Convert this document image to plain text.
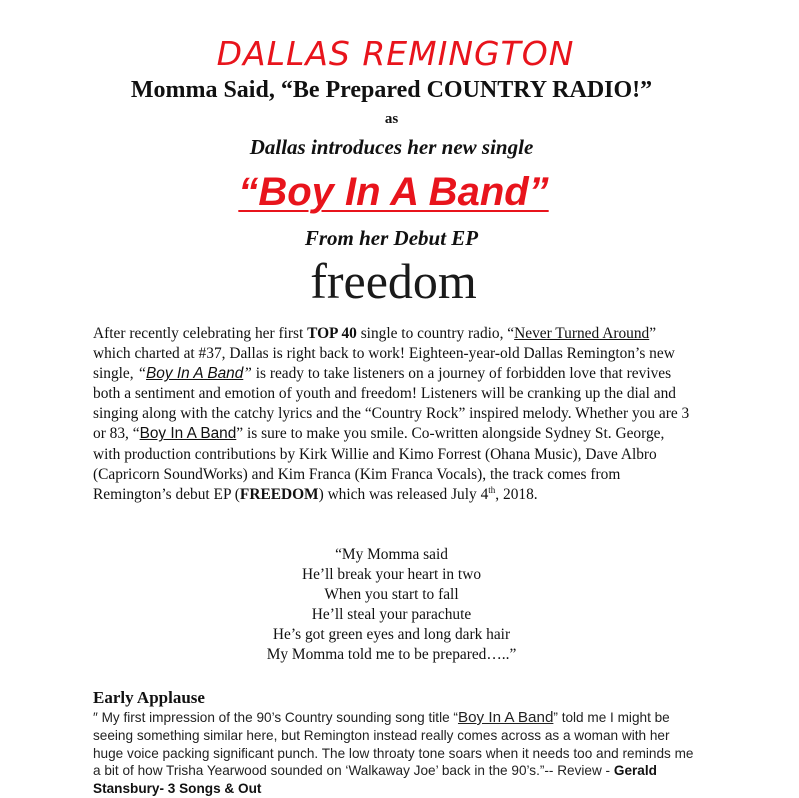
DALLAS REMINGTON
Momma Said, “Be Prepared COUNTRY RADIO!”
as
Dallas introduces her new single
“Boy In A Band”
From her Debut EP
freedom
After recently celebrating her first TOP 40 single to country radio, “Never Turned Around” which charted at #37, Dallas is right back to work! Eighteen-year-old Dallas Remington’s new single, “Boy In A Band” is ready to take listeners on a journey of forbidden love that revives both a sentiment and emotion of youth and freedom! Listeners will be cranking up the dial and singing along with the catchy lyrics and the “Country Rock” inspired melody. Whether you are 3 or 83, “Boy In A Band” is sure to make you smile. Co-written alongside Sydney St. George, with production contributions by Kirk Willie and Kimo Forrest (Ohana Music), Dave Albro (Capricorn SoundWorks) and Kim Franca (Kim Franca Vocals), the track comes from Remington’s debut EP (FREEDOM) which was released July 4th, 2018.
“My Momma said
He’ll break your heart in two
When you start to fall
He’ll steal your parachute
He’s got green eyes and long dark hair
My Momma told me to be prepared…..”
Early Applause
″ My first impression of the 90’s Country sounding song title “Boy In A Band” told me I might be seeing something similar here, but Remington instead really comes across as a woman with her huge voice packing significant punch. The low throaty tone soars when it needs too and reminds me a bit of how Trisha Yearwood sounded on ‘Walkaway Joe’ back in the 90’s.”-- Review - Gerald Stansbury- 3 Songs & Out
